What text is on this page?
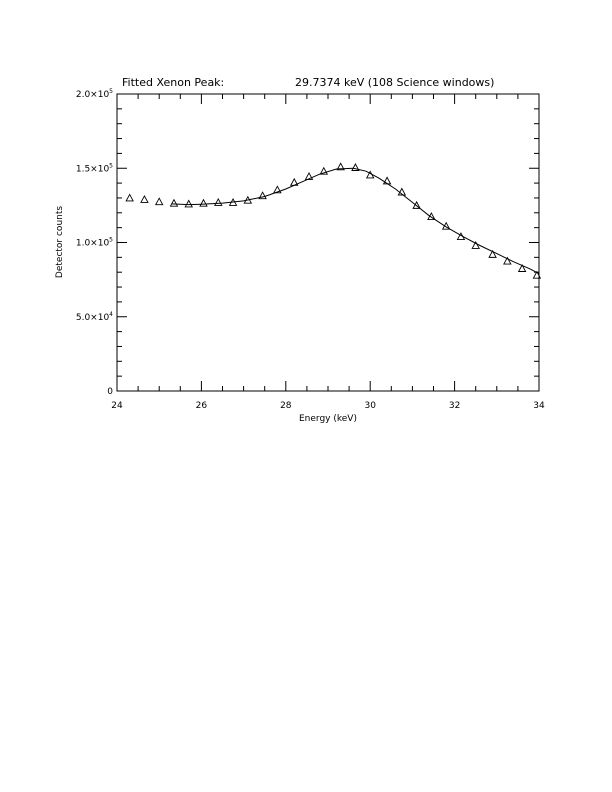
Fitted Xenon Peak:	29.7374 keV (108 Science windows)
24	26	28	30	32	34
0
$5.0\times 10^4$
$1.0\times 10^5$
$1.5\times 10^5$
$2.0\times 10^5$
Energy (keV)
Detector counts
